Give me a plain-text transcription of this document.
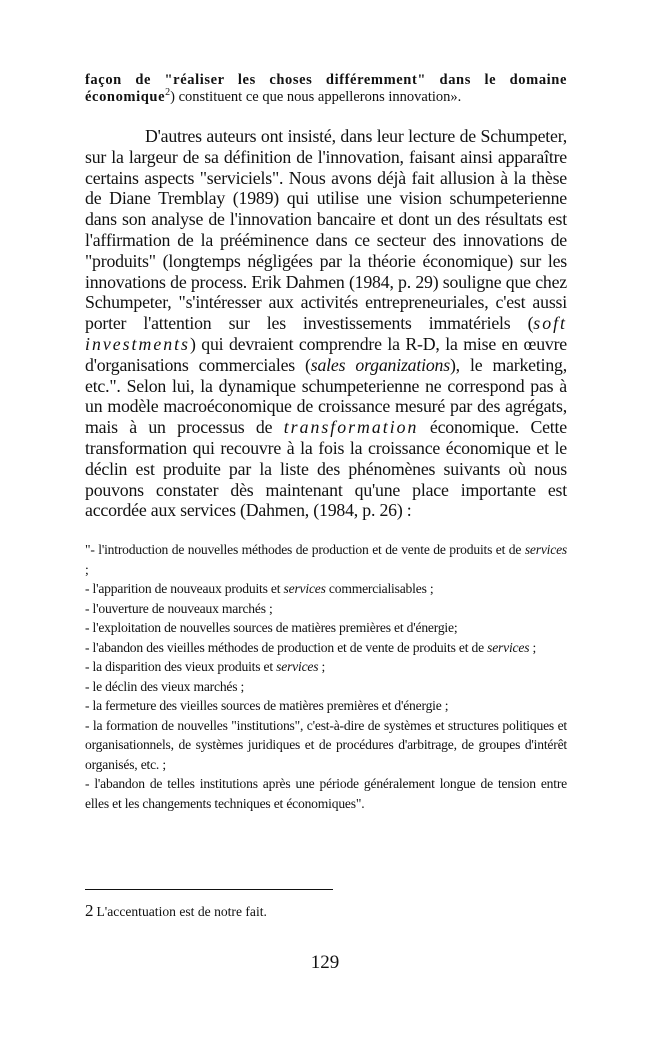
façon de "réaliser les choses différemment" dans le domaine économique$^2$) constituent ce que nous appellerons innovation».
D'autres auteurs ont insisté, dans leur lecture de Schumpeter, sur la largeur de sa définition de l'innovation, faisant ainsi apparaître certains aspects "serviciels". Nous avons déjà fait allusion à la thèse de Diane Tremblay (1989) qui utilise une vision schumpeterienne dans son analyse de l'innovation bancaire et dont un des résultats est l'affirmation de la prééminence dans ce secteur des innovations de "produits" (longtemps négligées par la théorie économique) sur les innovations de process. Erik Dahmen (1984, p. 29) souligne que chez Schumpeter, "s'intéresser aux activités entrepreneuriales, c'est aussi porter l'attention sur les investissements immatériels (soft investments) qui devraient comprendre la R-D, la mise en œuvre d'organisations commerciales (sales organizations), le marketing, etc.". Selon lui, la dynamique schumpeterienne ne correspond pas à un modèle macroéconomique de croissance mesuré par des agrégats, mais à un processus de transformation économique. Cette transformation qui recouvre à la fois la croissance économique et le déclin est produite par la liste des phénomènes suivants où nous pouvons constater dès maintenant qu'une place importante est accordée aux services (Dahmen, (1984, p. 26) :
"- l'introduction de nouvelles méthodes de production et de vente de produits et de services ;
- l'apparition de nouveaux produits et services commercialisables ;
- l'ouverture de nouveaux marchés ;
- l'exploitation de nouvelles sources de matières premières et d'énergie;
- l'abandon des vieilles méthodes de production et de vente de produits et de services ;
- la disparition des vieux produits et services ;
- le déclin des vieux marchés ;
- la fermeture des vieilles sources de matières premières et d'énergie ;
- la formation de nouvelles "institutions", c'est-à-dire de systèmes et structures politiques et organisationnels, de systèmes juridiques et de procédures d'arbitrage, de groupes d'intérêt organisés, etc. ;
- l'abandon de telles institutions après une période généralement longue de tension entre elles et les changements techniques et économiques".
2 L'accentuation est de notre fait.
129
